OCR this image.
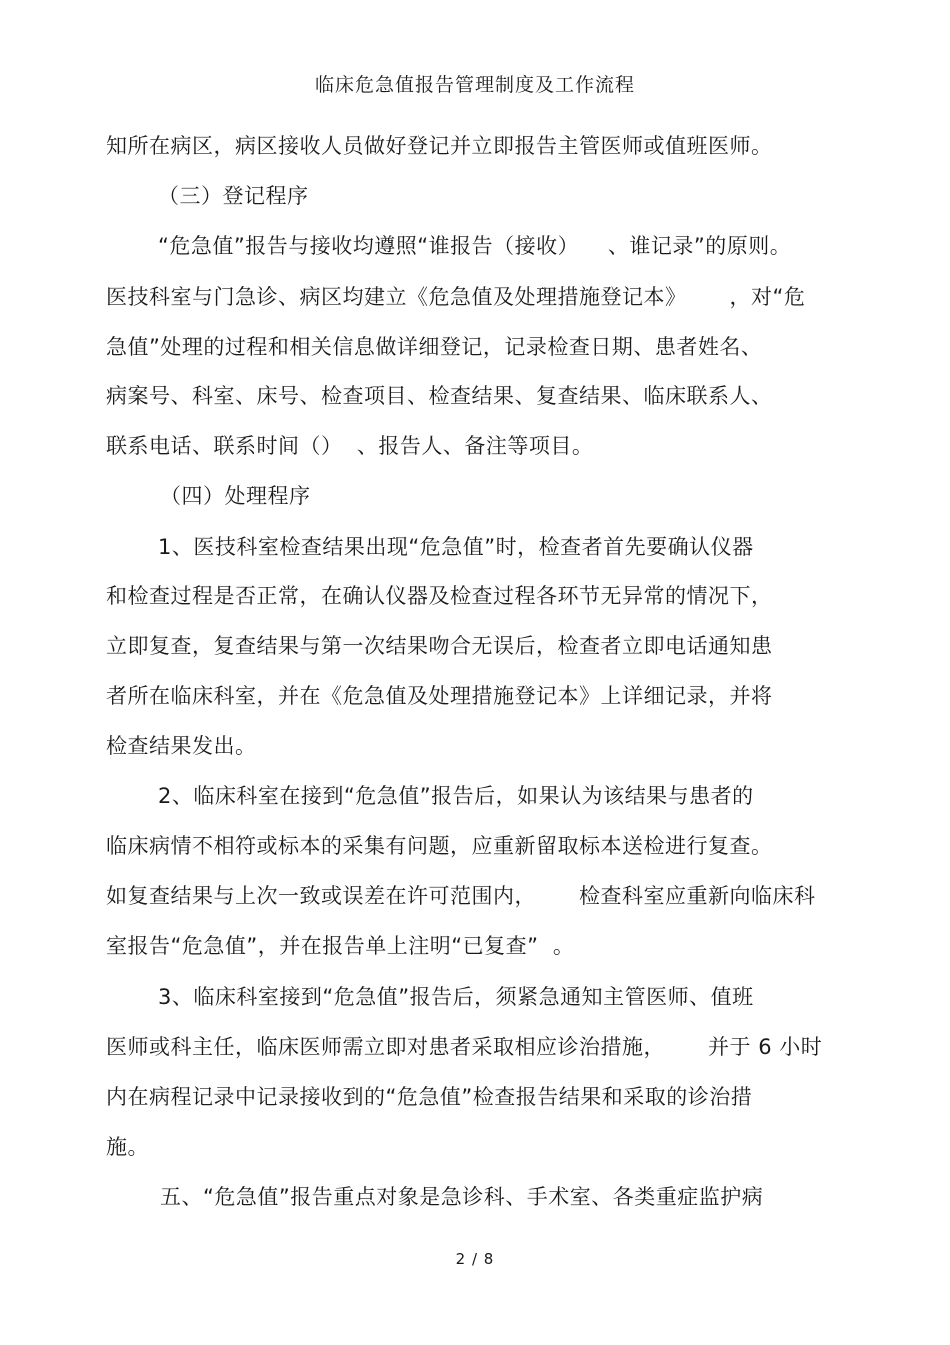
临床危急值报告管理制度及工作流程
知所在病区，病区接收人员做好登记并立即报告主管医师或值班医师。
（三）登记程序
“危急值”报告与接收均遵照“谁报告（接收）    、谁记录”的原则。
医技科室与门急诊、病区均建立《危急值及处理措施登记本》      ，对“危
急值”处理的过程和相关信息做详细登记，记录检查日期、患者姓名、
病案号、科室、床号、检查项目、检查结果、复查结果、临床联系人、
联系电话、联系时间（）  、报告人、备注等项目。
（四）处理程序
1、医技科室检查结果出现“危急值”时，检查者首先要确认仪器
和检查过程是否正常，在确认仪器及检查过程各环节无异常的情况下，
立即复查，复查结果与第一次结果吻合无误后，检查者立即电话通知患
者所在临床科室，并在《危急值及处理措施登记本》上详细记录，并将
检查结果发出。
2、临床科室在接到“危急值”报告后，如果认为该结果与患者的
临床病情不相符或标本的采集有问题，应重新留取标本送检进行复查。
如复查结果与上次一致或误差在许可范围内，      检查科室应重新向临床科
室报告“危急值”，并在报告单上注明“已复查”  。
3、临床科室接到“危急值”报告后，须紧急通知主管医师、值班
医师或科主任，临床医师需立即对患者采取相应诊治措施，      并于 6 小时
内在病程记录中记录接收到的“危急值”检查报告结果和采取的诊治措
施。
五、“危急值”报告重点对象是急诊科、手术室、各类重症监护病
2 / 8
